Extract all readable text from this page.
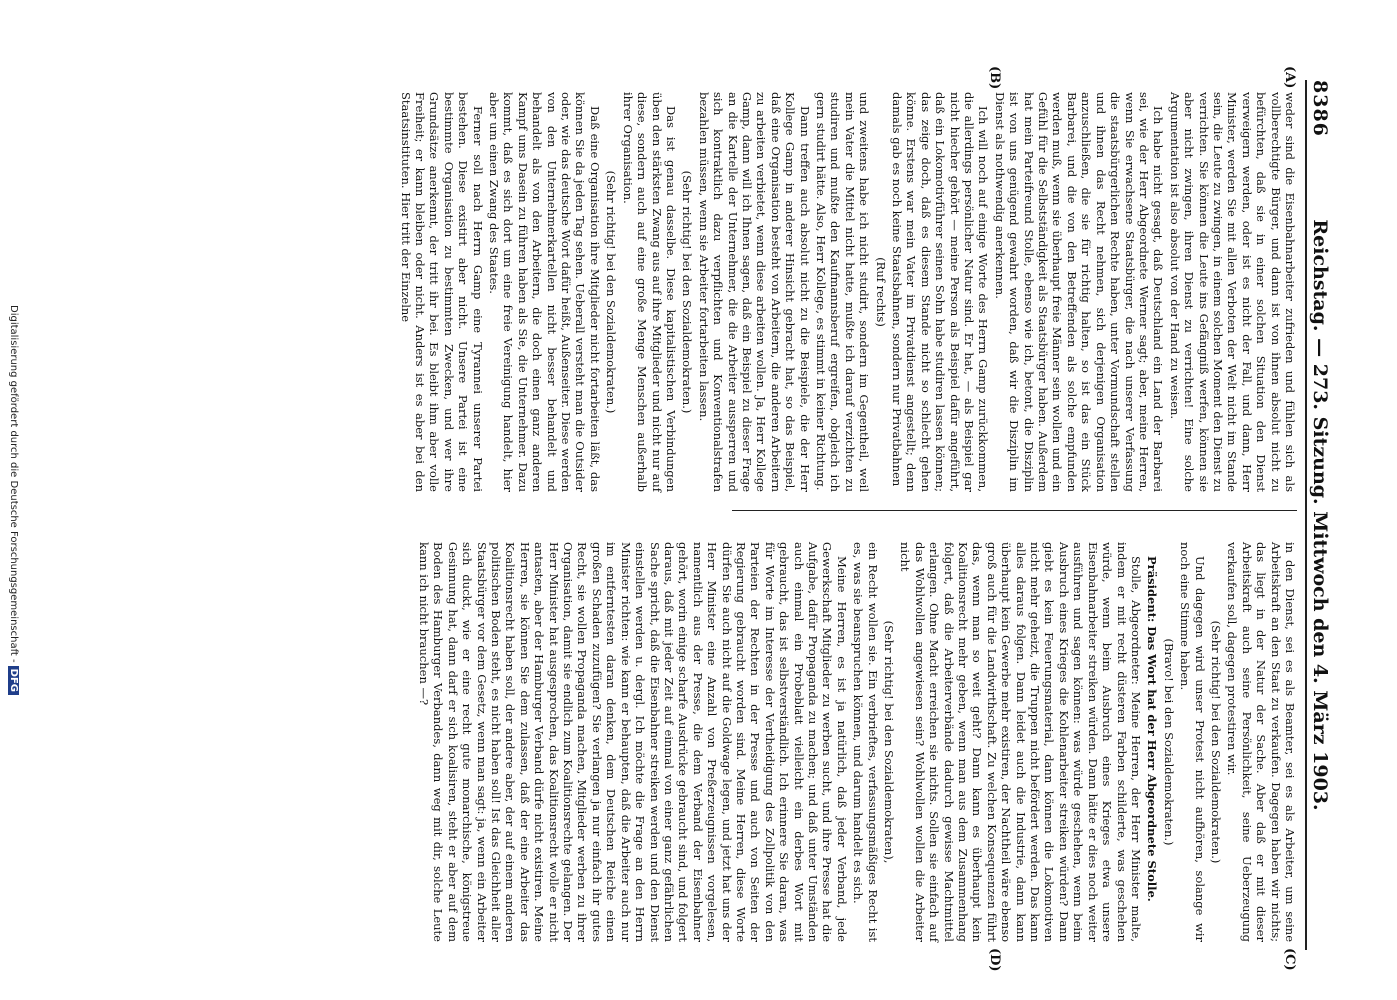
8386
Reichstag. — 273. Sitzung. Mittwoch den 4. März 1903.
(A)
(B)
(C)
(D)

weder sind die Eisenbahnarbeiter zufrieden und fühlen sich als vollberechtigte Bürger, und dann ist von ihnen absolut nicht zu befürchten, daß sie in einer solchen Situation den Dienst verweigern werden, oder ist es nicht der Fall, und dann, Herr Minister, werden Sie mit allen Verboten der Welt nicht im Stande sein, die Leute zu zwingen, in einem solchen Moment den Dienst zu verrichten. Sie können die Leute ins Gefängniß werfen, können sie aber nicht zwingen, ihren Dienst zu verrichten! Eine solche Argumentation ist also absolut von der Hand zu weisen.

Ich habe nicht gesagt, daß Deutschland ein Land der Barbarei sei, wie der Herr Abgeordnete Werner sagt; aber, meine Herren, wenn Sie erwachsene Staatsbürger, die nach unserer Verfassung die staatsbürgerlichen Rechte haben, unter Vormundschaft stellen und ihnen das Recht nehmen, sich derjenigen Organisation anzuschließen, die sie für richtig halten, so ist das ein Stück Barbarei, und die von den Betreffenden als solche empfunden werden muß, wenn sie überhaupt freie Männer sein wollen und ein Gefühl für die Selbstständigkeit als Staatsbürger haben. Außerdem hat mein Parteifreund Stolle, ebenso wie ich, betont, die Disziplin ist von uns genügend gewahrt worden, daß wir die Disziplin im Dienst als nothwendig anerkennen.

Ich will noch auf einige Worte des Herrn Gamp zurückkommen, die allerdings persönlicher Natur sind. Er hat, — als Beispiel gar nicht hiecher gehört — meine Person als Beispiel dafür angeführt, daß ein Lokomotivführer seinen Sohn habe studiren lassen können; das zeige doch, daß es diesem Stande nicht so schlecht gehen könne. Erstens war mein Vater im Privatdienst angestellt; denn damals gab es noch keine Staatsbahnen, sondern nur Privatbahnen

(Ruf rechts)

und zweitens habe ich nicht studirt, sondern im Gegentheil, weil mein Vater die Mittel nicht hatte, mußte ich darauf verzichten zu studiren und mußte den Kaufmannsberuf ergreifen, obgleich ich gern studirt hätte. Also, Herr Kollege, es stimmt in keiner Richtung.

Dann treffen auch absolut nicht zu die Beispiele, die der Herr Kollege Gamp in anderer Hinsicht gebracht hat, so das Beispiel, daß eine Organisation besteht von Arbeitern, die anderen Arbeitern zu arbeiten verbietet, wenn diese arbeiten wollen. Ja, Herr Kollege Gamp, dann will ich Ihnen sagen, daß ein Beispiel zu dieser Frage an die Kartelle der Unternehmer, die die Arbeiter aussperren und sich kontraktlich dazu verpflichten und Konventionalstrafen bezahlen müssen, wenn sie Arbeiter fortarbeiten lassen.

(Sehr richtig! bei den Sozialdemokraten.)

Das ist genau dasselbe. Diese kapitalistischen Verbindungen üben den stärksten Zwang aus auf ihre Mitglieder und nicht nur auf diese, sondern auch auf eine große Menge Menschen außerhalb ihrer Organisation.

(Sehr richtig! bei den Sozialdemokraten.)

Daß eine Organisation ihre Mitglieder nicht fortarbeiten läßt, das können Sie da jeden Tag sehen. Ueberall versteht man die Outsider oder, wie das deutsche Wort dafür heißt, Außenseiter. Diese werden von den Unternehmerkartellen nicht besser behandelt und behandelt als von den Arbeitern, die doch einen ganz anderen Kampf ums Dasein zu führen haben als Sie, die Unternehmer. Dazu kommt, daß es sich dort um eine freie Vereinigung handelt, hier aber um einen Zwang des Staates.

Ferner soll nach Herrn Gamp eine Tyrannei unserer Partei bestehen. Diese existirt aber nicht. Unsere Partei ist eine bestimmte Organisation zu bestimmten Zwecken, und wer ihre Grundsätze anerkennt, der tritt ihr bei. Es bleibt ihm aber volle Freiheit; er kann bleiben oder nicht. Anders ist es aber bei den Staatsinstituten. Hier tritt der Einzelne

in den Dienst, sei es als Beamter, sei es als Arbeiter, um seine Arbeitskraft an den Staat zu verkaufen. Dagegen haben wir nichts; das liegt in der Natur der Sache. Aber daß er mit dieser Arbeitskraft auch seine Persönlichkeit, seine Ueberzeugung verkaufen soll, dagegen protestiren wir.

(Sehr richtig! bei den Sozialdemokraten.)

Und dagegen wird unser Protest nicht aufhören, solange wir noch eine Stimme haben.

(Bravo! bei den Sozialdemokraten.)

Präsident: Das Wort hat der Herr Abgeordnete Stolle.

Stolle, Abgeordneter: Meine Herren, der Herr Minister malte, indem er mit recht düsteren Farben schilderte, was geschehen würde, wenn beim Ausbruch eines Krieges etwa unsere Eisenbahnarbeiter streiken würden. Dann hätte er dies noch weiter ausführen und sagen können: was würde geschehen, wenn beim Ausbruch eines Krieges die Kohlenarbeiter streiken würden? Dann giebt es kein Feuerungsmaterial, dann können die Lokomotiven nicht mehr geheizt, die Truppen nicht befördert werden. Das kann alles daraus folgen. Dann leidet auch die Industrie, dann kann überhaupt kein Gewerbe mehr existiren, der Nachtheil wäre ebenso groß auch für die Landwirthschaft. Zu welchen Konsequenzen führt das, wenn man so weit geht? Dann kann es überhaupt kein Koalitionsrecht mehr geben, wenn man aus dem Zusammenhang folgert, daß die Arbeiterverbände dadurch gewisse Machtmittel erlangen. Ohne Macht erreichen sie nichts. Sollen sie einfach auf das Wohlwollen angewiesen sein? Wohlwollen wollen die Arbeiter nicht

(Sehr richtig! bei den Sozialdemokraten),

ein Recht wollen sie. Ein verbrieftes, verfassungsmäßiges Recht ist es, was sie beanspruchen können, und darum handelt es sich.

Meine Herren, es ist ja natürlich, daß jeder Verband, jede Gewerkschaft Mitglieder zu werben sucht, und ihre Presse hat die Aufgabe, dafür Propaganda zu machen; und daß unter Umständen auch einmal ein Probeblatt vielleicht ein derbes Wort mit gebraucht, das ist selbstverständlich. Ich erinnere Sie daran, was für Worte im Interesse der Vertheidigung des Zollpolitik von den Parteien der Rechten in der Presse und auch von Seiten der Regierung gebraucht worden sind. Meine Herren, diese Worte dürfen Sie auch nicht auf die Goldwage legen, und jetzt hat uns der Herr Minister eine Anzahl von Preßerzeugnissen vorgelesen, namentlich aus der Presse, die dem Verband der Eisenbahner gehört, worin einige scharfe Ausdrücke gebraucht sind, und folgert daraus, daß mit jeder Zeit auf einmal von einer ganz gefährlichen Sache spricht, daß die Eisenbahner streiken werden und den Dienst einstellen werden u. dergl. Ich möchte die Frage an den Herrn Minister richten: wie kann er behaupten, daß die Arbeiter auch nur im entferntesten daran denken, dem Deutschen Reiche einen großen Schaden zuzufügen? Sie verlangen ja nur einfach ihr gutes Recht, sie wollen Propaganda machen, Mitglieder werben zu ihrer Organisation, damit sie endlich zum Koalitionsrechte gelangen. Der Herr Minister hat ausgesprochen, das Koalitionsrecht wolle er nicht antasten, aber der Hamburger Verband dürfe nicht existiren. Meine Herren, sie können Sie dem zulassen, daß der eine Arbeiter das Koalitionsrecht haben soll, der andere aber, der auf einem anderen politischen Boden steht, es nicht haben soll! Ist das Gleichheit aller Staatsbürger vor dem Gesetz, wenn man sagt: ja, wenn ein Arbeiter sich duckt, wie er eine recht gute monarchische, königstreue Gesinnung hat, dann darf er sich koalisiren, steht er aber auf dem Boden des Hamburger Verbandes, dann weg mit dir, solche Leute kann ich nicht brauchen —?

Digitalisierung gefördert durch die Deutsche Forschungsgemeinschaft -DFG
